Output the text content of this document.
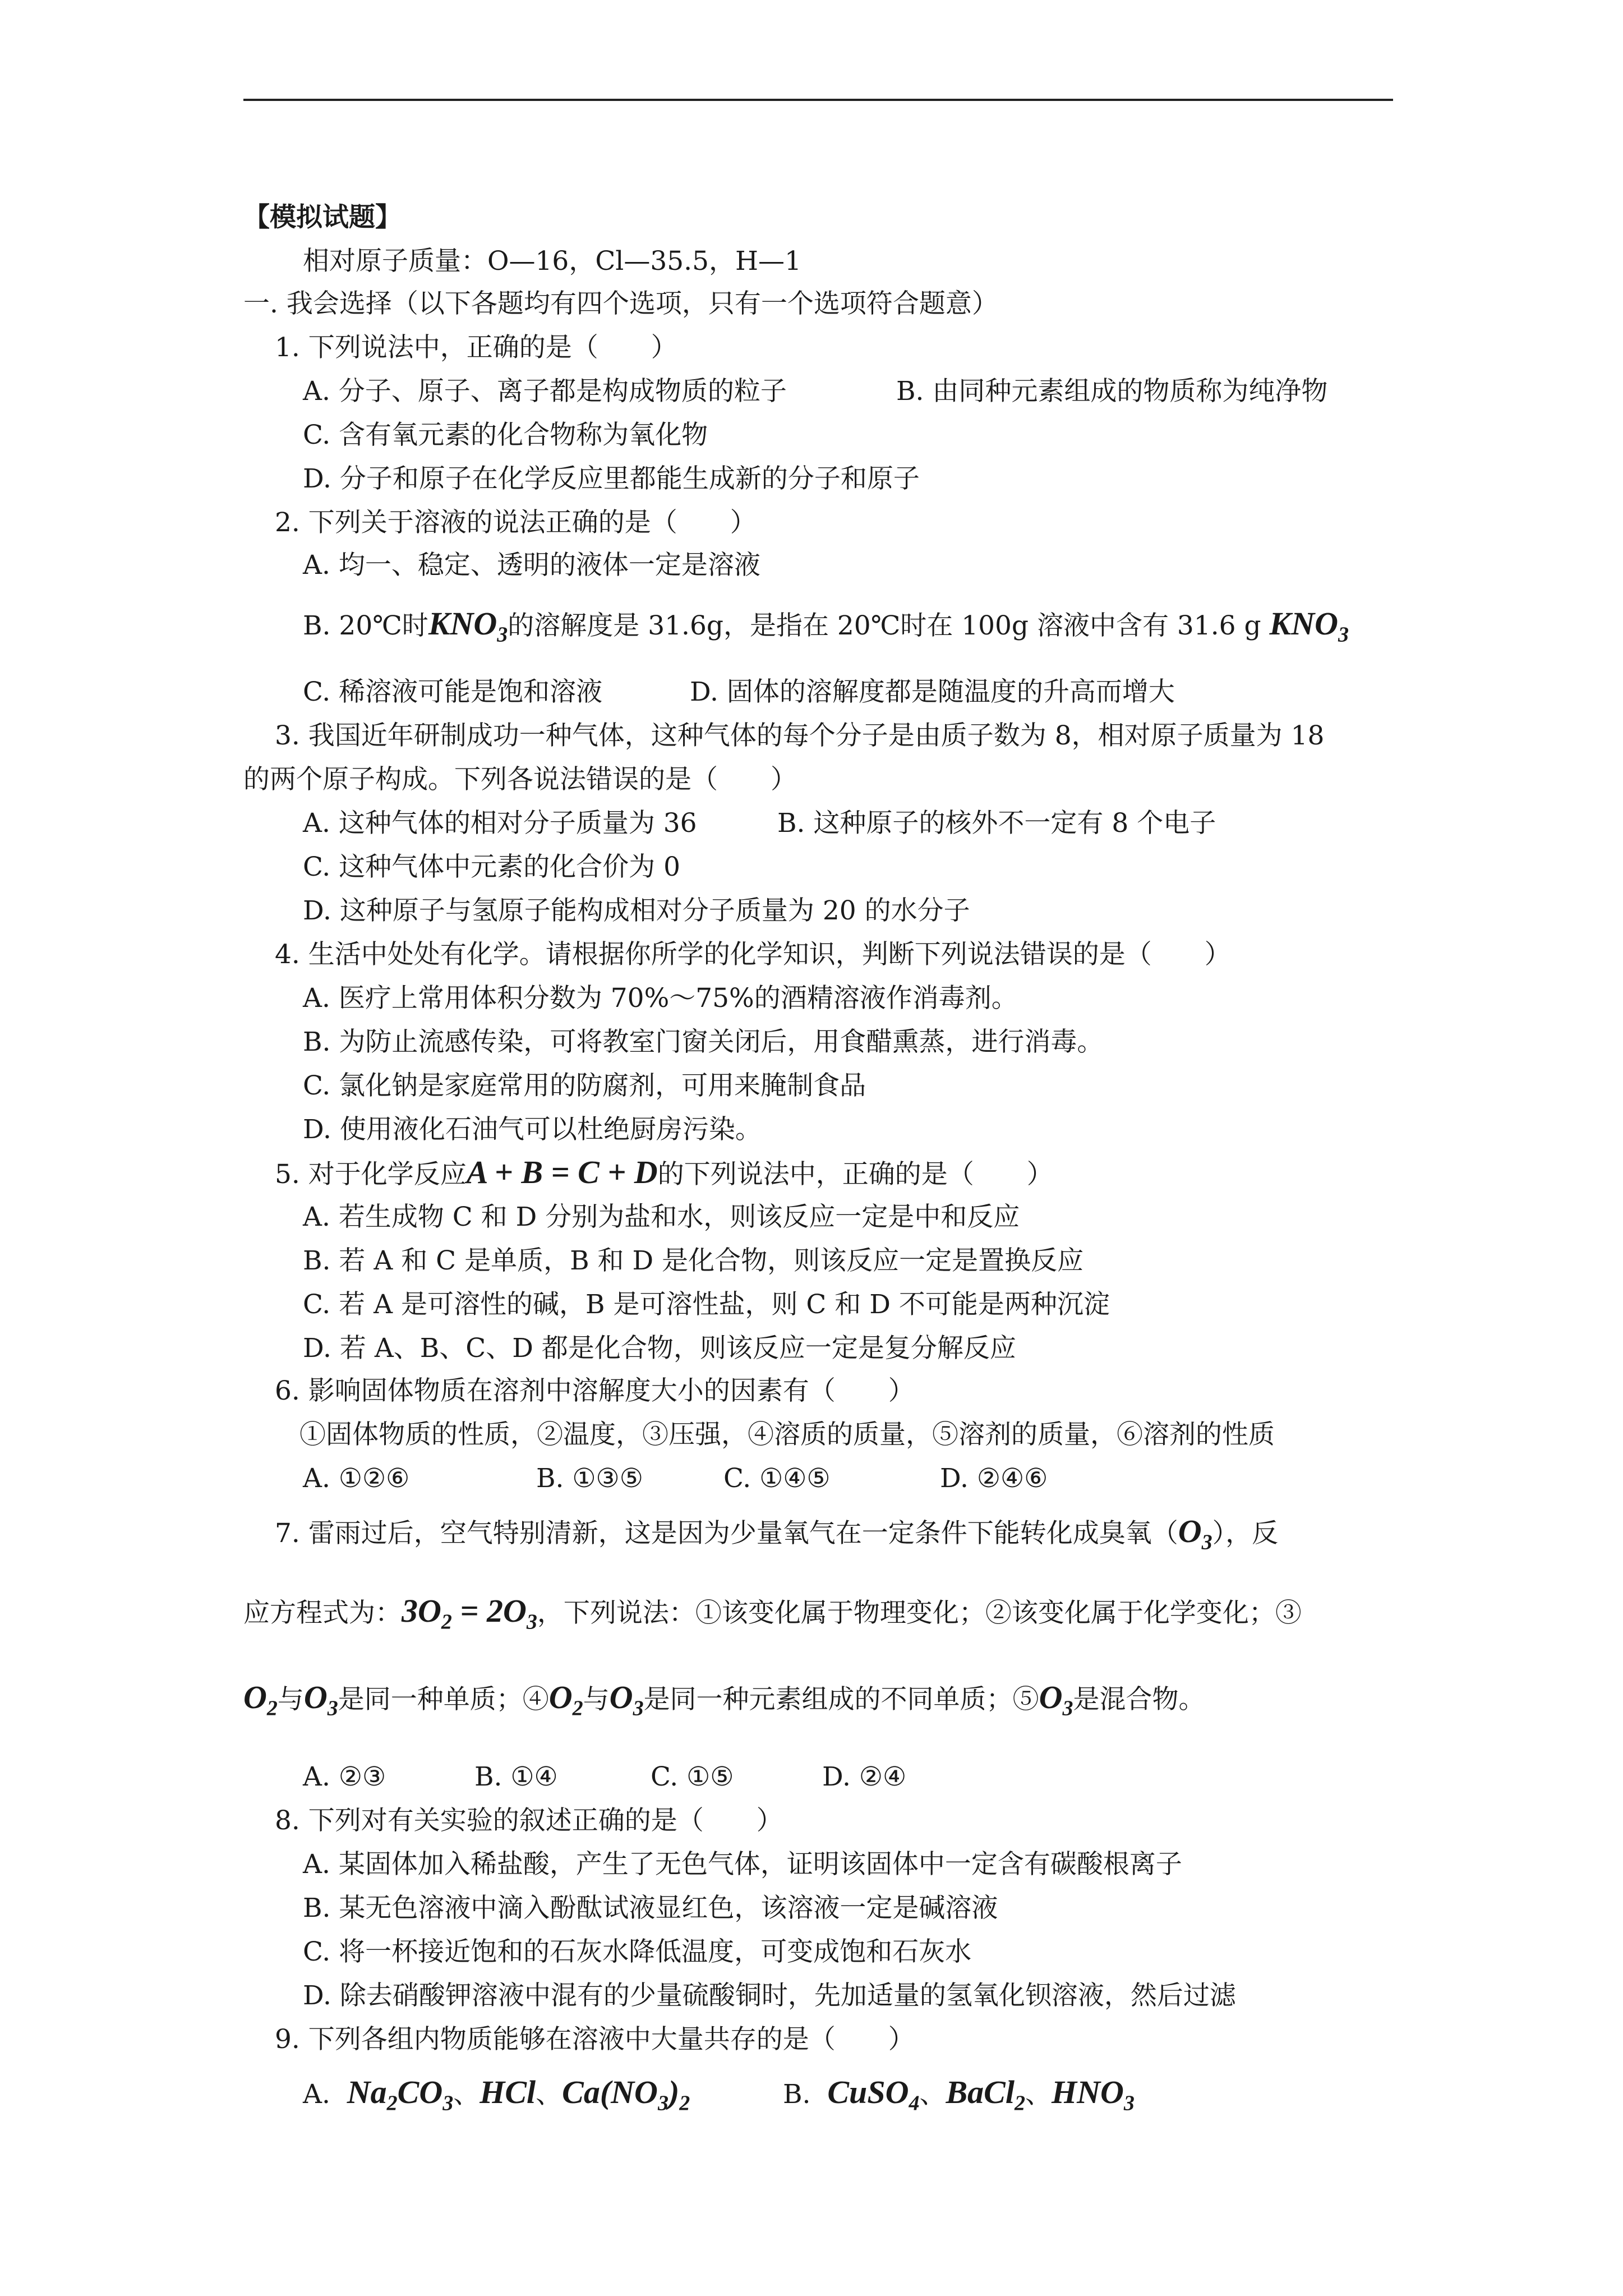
【模拟试题】
相对原子质量：O—16，Cl—35.5，H—1
一. 我会选择（以下各题均有四个选项，只有一个选项符合题意）
1. 下列说法中，正确的是（　　）
A. 分子、原子、离子都是构成物质的粒子	B. 由同种元素组成的物质称为纯净物
C. 含有氧元素的化合物称为氧化物
D. 分子和原子在化学反应里都能生成新的分子和原子
2. 下列关于溶液的说法正确的是（　　）
A. 均一、稳定、透明的液体一定是溶液
B. 20℃时$KNO_3$的溶解度是 31.6g，是指在 20℃时在 100g 溶液中含有 31.6 g $KNO_3$
C. 稀溶液可能是饱和溶液	D. 固体的溶解度都是随温度的升高而增大
3. 我国近年研制成功一种气体，这种气体的每个分子是由质子数为 8，相对原子质量为 18
的两个原子构成。下列各说法错误的是（　　）
A. 这种气体的相对分子质量为 36	B. 这种原子的核外不一定有 8 个电子
C. 这种气体中元素的化合价为 0
D. 这种原子与氢原子能构成相对分子质量为 20 的水分子
4. 生活中处处有化学。请根据你所学的化学知识，判断下列说法错误的是（　　）
A. 医疗上常用体积分数为 70%～75%的酒精溶液作消毒剂。
B. 为防止流感传染，可将教室门窗关闭后，用食醋熏蒸，进行消毒。
C. 氯化钠是家庭常用的防腐剂，可用来腌制食品
D. 使用液化石油气可以杜绝厨房污染。
5. 对于化学反应A + B = C + D的下列说法中，正确的是（　　）
A. 若生成物 C 和 D 分别为盐和水，则该反应一定是中和反应
B. 若 A 和 C 是单质，B 和 D 是化合物，则该反应一定是置换反应
C. 若 A 是可溶性的碱，B 是可溶性盐，则 C 和 D 不可能是两种沉淀
D. 若 A、B、C、D 都是化合物，则该反应一定是复分解反应
6. 影响固体物质在溶剂中溶解度大小的因素有（　　）
①固体物质的性质，②温度，③压强，④溶质的质量，⑤溶剂的质量，⑥溶剂的性质
A. ①②⑥	B. ①③⑤	C. ①④⑤	D. ②④⑥
7. 雷雨过后，空气特别清新，这是因为少量氧气在一定条件下能转化成臭氧$(O_3)$，反
应方程式为：$3O_2 = 2O_3$，下列说法：①该变化属于物理变化；②该变化属于化学变化；③
$O_2$与$O_3$是同一种单质；$④O_2$与$O_3$是同一种元素组成的不同单质；$⑤O_3$是混合物。
A. ②③	B. ①④	C. ①⑤	D. ②④
8. 下列对有关实验的叙述正确的是（　　）
A. 某固体加入稀盐酸，产生了无色气体，证明该固体中一定含有碳酸根离子
B. 某无色溶液中滴入酚酞试液显红色，该溶液一定是碱溶液
C. 将一杯接近饱和的石灰水降低温度，可变成饱和石灰水
D. 除去硝酸钾溶液中混有的少量硫酸铜时，先加适量的氢氧化钡溶液，然后过滤
9. 下列各组内物质能够在溶液中大量共存的是（　　）
A. $Na_2CO_3$、HCl、$Ca(NO_3)_2$	B. CuSO$_4$、BaCl$_2$、$HNO_3$
